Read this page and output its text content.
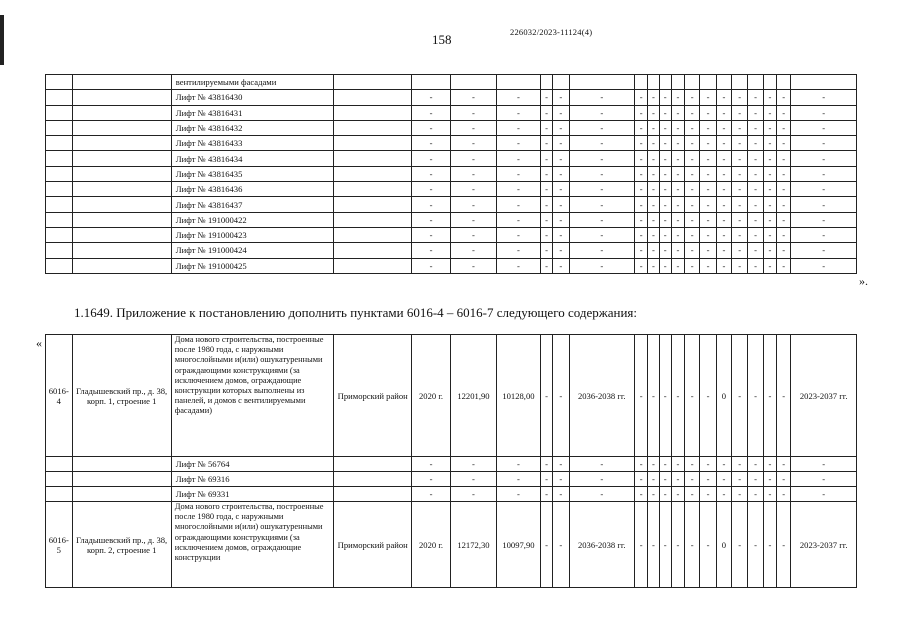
158	226032/2023-11124(4)
		вентилируемыми фасадами																			
		Лифт № 43816430		-	-	-	-	-	-	-	-	-	-	-	-	-	-	-	-	-	-
		Лифт № 43816431		-	-	-	-	-	-	-	-	-	-	-	-	-	-	-	-	-	-
		Лифт № 43816432		-	-	-	-	-	-	-	-	-	-	-	-	-	-	-	-	-	-
		Лифт № 43816433		-	-	-	-	-	-	-	-	-	-	-	-	-	-	-	-	-	-
		Лифт № 43816434		-	-	-	-	-	-	-	-	-	-	-	-	-	-	-	-	-	-
		Лифт № 43816435		-	-	-	-	-	-	-	-	-	-	-	-	-	-	-	-	-	-
		Лифт № 43816436		-	-	-	-	-	-	-	-	-	-	-	-	-	-	-	-	-	-
		Лифт № 43816437		-	-	-	-	-	-	-	-	-	-	-	-	-	-	-	-	-	-
		Лифт № 191000422		-	-	-	-	-	-	-	-	-	-	-	-	-	-	-	-	-	-
		Лифт № 191000423		-	-	-	-	-	-	-	-	-	-	-	-	-	-	-	-	-	-
		Лифт № 191000424		-	-	-	-	-	-	-	-	-	-	-	-	-	-	-	-	-	-
		Лифт № 191000425		-	-	-	-	-	-	-	-	-	-	-	-	-	-	-	-	-	-
».
1.1649. Приложение к постановлению дополнить пунктами 6016-4 – 6016-7 следующего содержания:
«
6016-4	Гладышевский пр., д. 38, корп. 1, строение 1	Дома нового строительства, построенные после 1980 года, с наружными многослойными и(или) ошукатуренными ограждающими конструкциями (за исключением домов, ограждающие конструкции которых выполнены из панелей, и домов с вентилируемыми фасадами)	Приморский район	2020 г.	12201,90	10128,00	-	-	2036-2038 гг.	-	-	-	-	-	-	0	-	-	-	-	2023-2037 гг.
		Лифт № 56764		-	-	-	-	-	-	-	-	-	-	-	-	-	-	-	-	-	-
		Лифт № 69316		-	-	-	-	-	-	-	-	-	-	-	-	-	-	-	-	-	-
		Лифт № 69331		-	-	-	-	-	-	-	-	-	-	-	-	-	-	-	-	-	-
6016-5	Гладышевский пр., д. 38, корп. 2, строение 1	Дома нового строительства, построенные после 1980 года, с наружными многослойными и(или) ошукатуренными ограждающими конструкциями (за исключением домов, ограждающие конструкции	Приморский район	2020 г.	12172,30	10097,90	-	-	2036-2038 гг.	-	-	-	-	-	-	0	-	-	-	-	2023-2037 гг.
